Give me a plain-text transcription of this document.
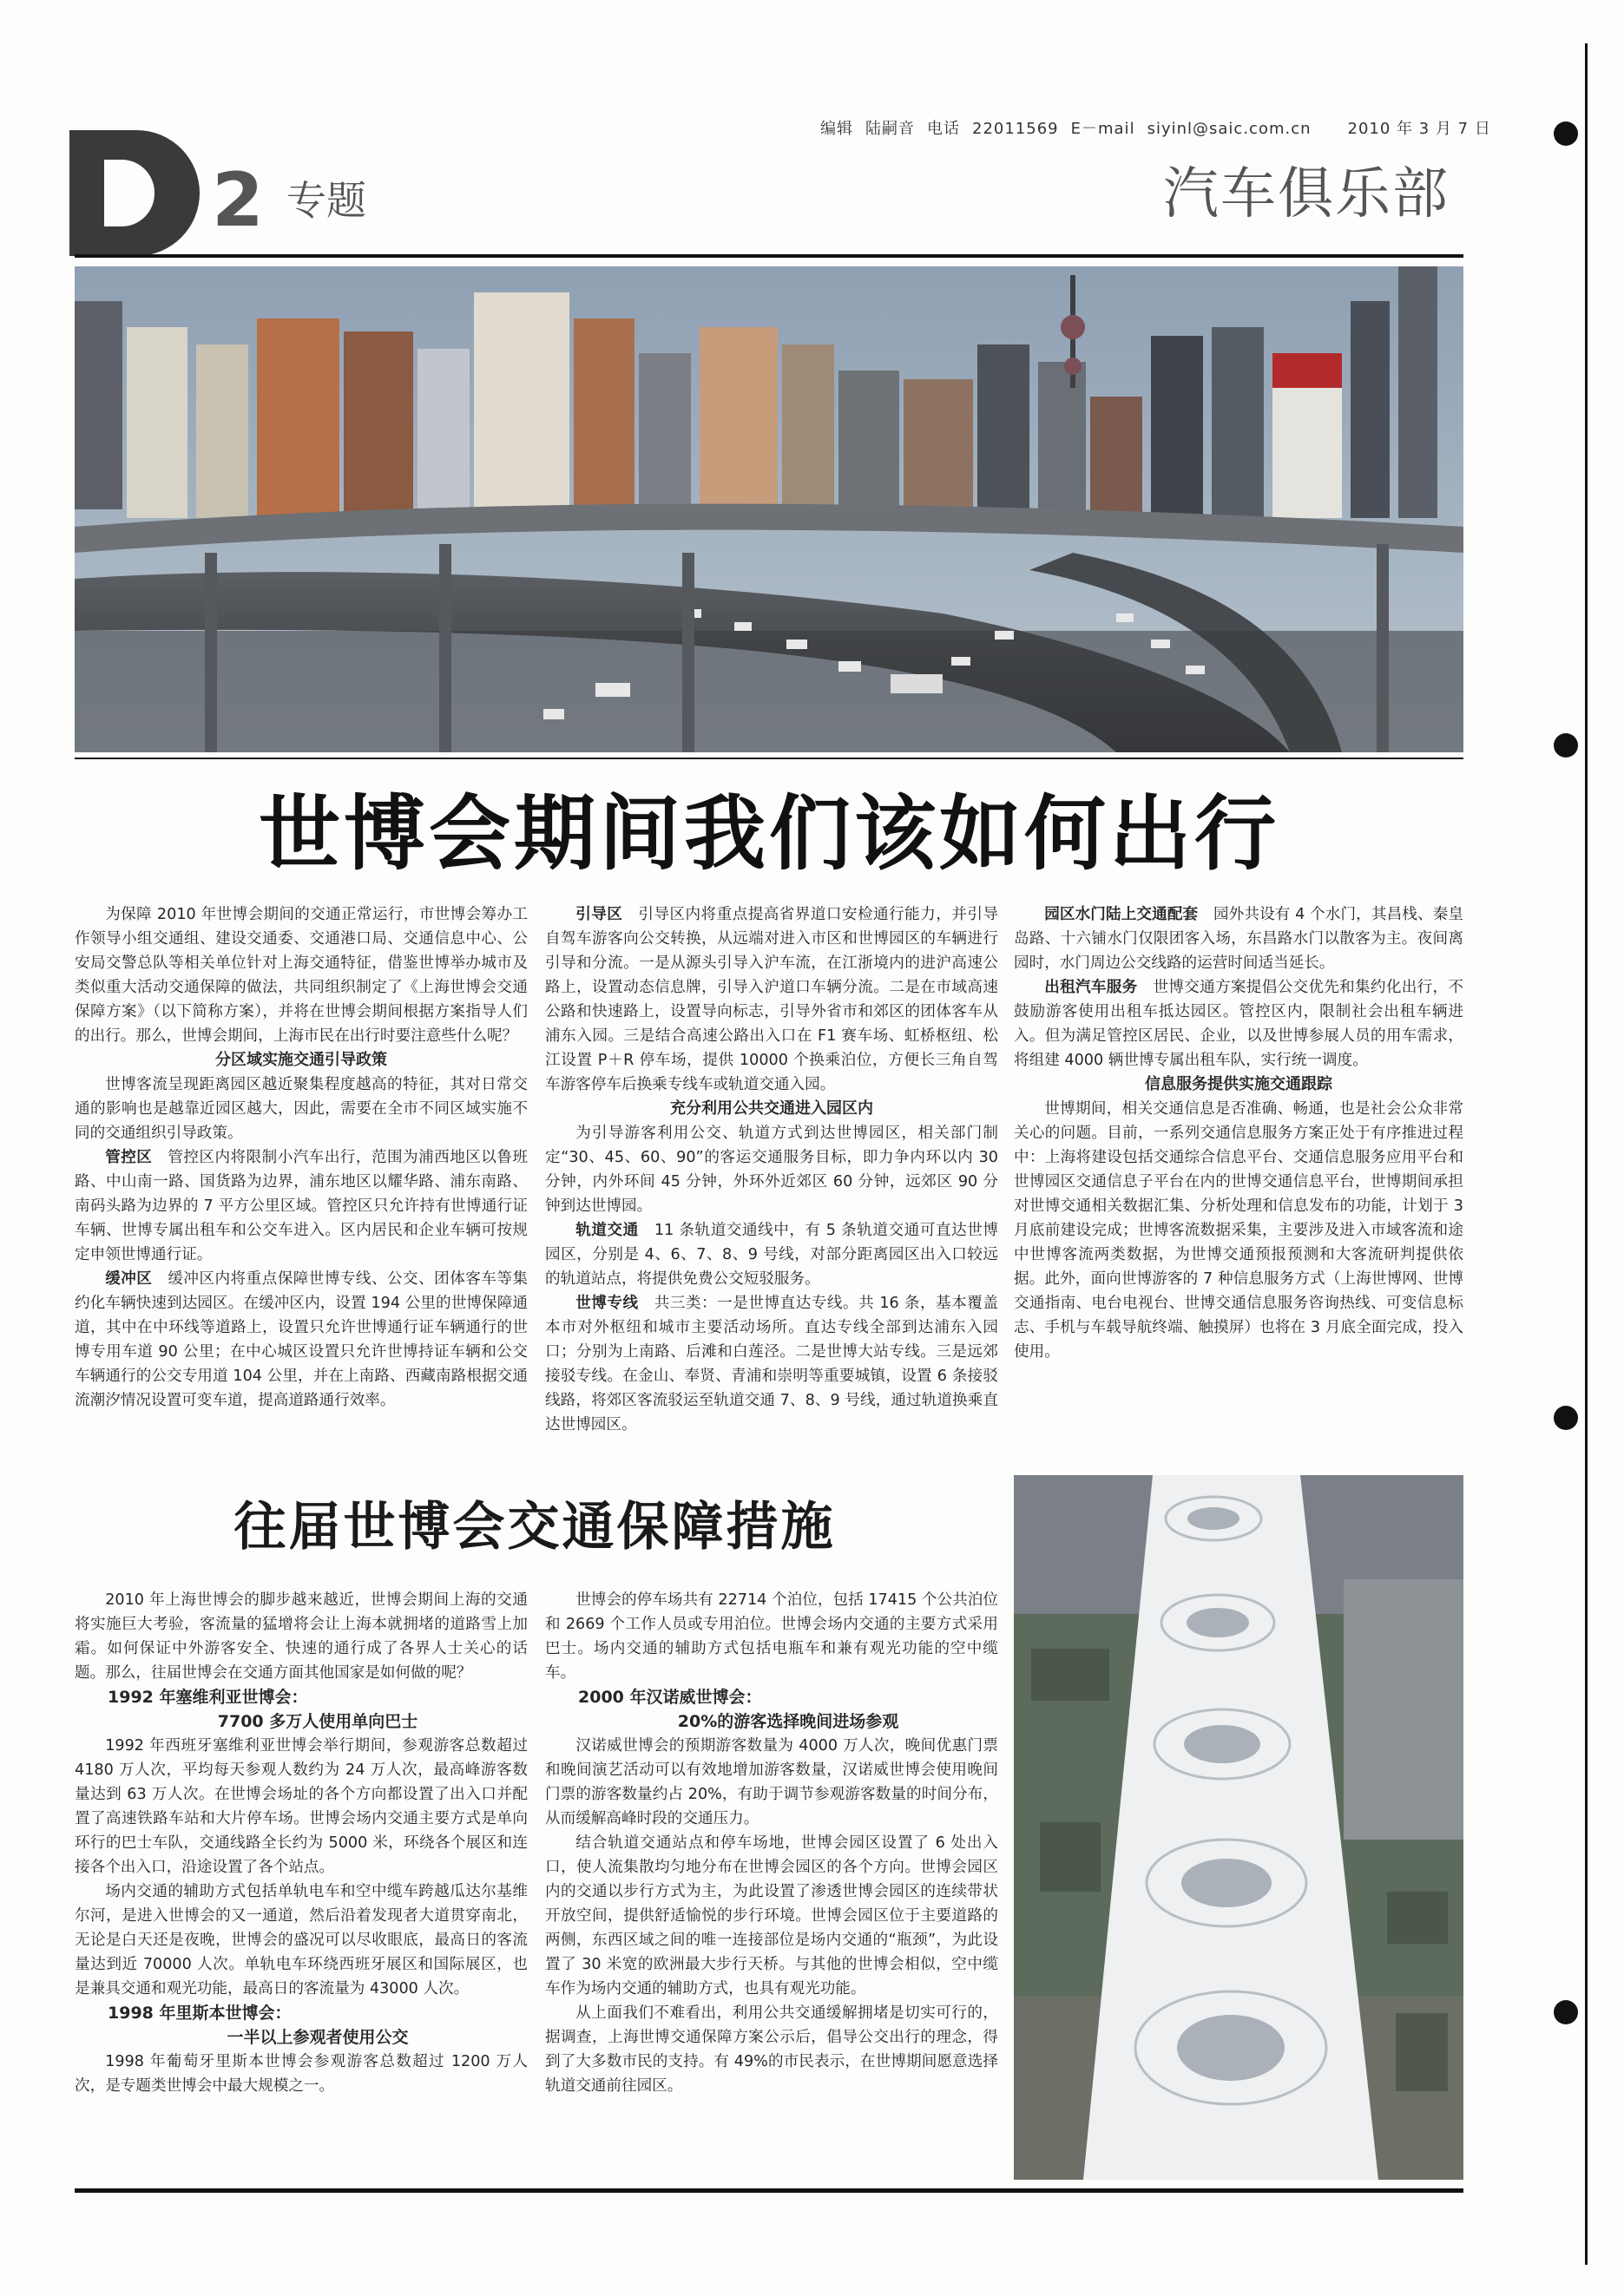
编辑 陆嗣音 电话 22011569 E－mail siyinl@saic.com.cn 2010 年 3 月 7 日
2 专题	汽车俱乐部
世博会期间我们该如何出行

为保障 2010 年世博会期间的交通正常运行，市世博会筹办工作领导小组交通组、建设交通委、交通港口局、交通信息中心、公安局交警总队等相关单位针对上海交通特征，借鉴世博举办城市及类似重大活动交通保障的做法，共同组织制定了《上海世博会交通保障方案》（以下简称方案），并将在世博会期间根据方案指导人们的出行。那么，世博会期间，上海市民在出行时要注意些什么呢？

分区域实施交通引导政策

世博客流呈现距离园区越近聚集程度越高的特征，其对日常交通的影响也是越靠近园区越大，因此，需要在全市不同区域实施不同的交通组织引导政策。

管控区　 管控区内将限制小汽车出行，范围为浦西地区以鲁班路、中山南一路、国货路为边界，浦东地区以耀华路、浦东南路、南码头路为边界的 7 平方公里区域。管控区只允许持有世博通行证车辆、世博专属出租车和公交车进入。区内居民和企业车辆可按规定申领世博通行证。

缓冲区　 缓冲区内将重点保障世博专线、公交、团体客车等集约化车辆快速到达园区。在缓冲区内，设置 194 公里的世博保障通道，其中在中环线等道路上，设置只允许世博通行证车辆通行的世博专用车道 90 公里；在中心城区设置只允许世博持证车辆和公交车辆通行的公交专用道 104 公里，并在上南路、西藏南路根据交通流潮汐情况设置可变车道，提高道路通行效率。

引导区　 引导区内将重点提高省界道口安检通行能力，并引导自驾车游客向公交转换，从远端对进入市区和世博园区的车辆进行引导和分流。一是从源头引导入沪车流，在江浙境内的进沪高速公路上，设置动态信息牌，引导入沪道口车辆分流。二是在市域高速公路和快速路上，设置导向标志，引导外省市和郊区的团体客车从浦东入园。三是结合高速公路出入口在 F1 赛车场、虹桥枢纽、松江设置 P＋R 停车场，提供 10000 个换乘泊位，方便长三角自驾车游客停车后换乘专线车或轨道交通入园。

充分利用公共交通进入园区内

为引导游客利用公交、轨道方式到达世博园区，相关部门制定“30、45、60、90”的客运交通服务目标，即力争内环以内 30 分钟，内外环间 45 分钟，外环外近郊区 60 分钟，远郊区 90 分钟到达世博园。

轨道交通　 11 条轨道交通线中，有 5 条轨道交通可直达世博园区，分别是 4、6、7、8、9 号线，对部分距离园区出入口较远的轨道站点，将提供免费公交短驳服务。

世博专线　 共三类：一是世博直达专线。共 16 条，基本覆盖本市对外枢纽和城市主要活动场所。直达专线全部到达浦东入园口；分别为上南路、后滩和白莲泾。二是世博大站专线。三是远郊接驳专线。在金山、奉贤、青浦和崇明等重要城镇，设置 6 条接驳线路，将郊区客流驳运至轨道交通 7、8、9 号线，通过轨道换乘直达世博园区。

园区水门陆上交通配套　 园外共设有 4 个水门，其昌栈、秦皇岛路、十六铺水门仅限团客入场，东昌路水门以散客为主。夜间离园时，水门周边公交线路的运营时间适当延长。

出租汽车服务　 世博交通方案提倡公交优先和集约化出行，不鼓励游客使用出租车抵达园区。管控区内，限制社会出租车辆进入。但为满足管控区居民、企业，以及世博参展人员的用车需求，将组建 4000 辆世博专属出租车队，实行统一调度。

信息服务提供实施交通跟踪

世博期间，相关交通信息是否准确、畅通，也是社会公众非常关心的问题。目前，一系列交通信息服务方案正处于有序推进过程中：上海将建设包括交通综合信息平台、交通信息服务应用平台和世博园区交通信息子平台在内的世博交通信息平台，世博期间承担对世博交通相关数据汇集、分析处理和信息发布的功能，计划于 3 月底前建设完成；世博客流数据采集，主要涉及进入市域客流和途中世博客流两类数据，为世博交通预报预测和大客流研判提供依据。此外，面向世博游客的 7 种信息服务方式（上海世博网、世博交通指南、电台电视台、世博交通信息服务咨询热线、可变信息标志、手机与车载导航终端、触摸屏）也将在 3 月底全面完成，投入使用。

往届世博会交通保障措施

2010 年上海世博会的脚步越来越近，世博会期间上海的交通将实施巨大考验，客流量的猛增将会让上海本就拥堵的道路雪上加霜。如何保证中外游客安全、快速的通行成了各界人士关心的话题。那么，往届世博会在交通方面其他国家是如何做的呢？

1992 年塞维利亚世博会：

7700 多万人使用单向巴士

1992 年西班牙塞维利亚世博会举行期间，参观游客总数超过 4180 万人次，平均每天参观人数约为 24 万人次，最高峰游客数量达到 63 万人次。在世博会场址的各个方向都设置了出入口并配置了高速铁路车站和大片停车场。世博会场内交通主要方式是单向环行的巴士车队，交通线路全长约为 5000 米，环绕各个展区和连接各个出入口，沿途设置了各个站点。

场内交通的辅助方式包括单轨电车和空中缆车跨越瓜达尔基维尔河，是进入世博会的又一通道，然后沿着发现者大道贯穿南北，无论是白天还是夜晚，世博会的盛况可以尽收眼底，最高日的客流量达到近 70000 人次。单轨电车环绕西班牙展区和国际展区，也是兼具交通和观光功能，最高日的客流量为 43000 人次。

1998 年里斯本世博会：

一半以上参观者使用公交

1998 年葡萄牙里斯本世博会参观游客总数超过 1200 万人次，是专题类世博会中最大规模之一。

世博会的停车场共有 22714 个泊位，包括 17415 个公共泊位和 2669 个工作人员或专用泊位。世博会场内交通的主要方式采用巴士。场内交通的辅助方式包括电瓶车和兼有观光功能的空中缆车。

2000 年汉诺威世博会：

20%的游客选择晚间进场参观

汉诺威世博会的预期游客数量为 4000 万人次，晚间优惠门票和晚间演艺活动可以有效地增加游客数量，汉诺威世博会使用晚间门票的游客数量约占 20%，有助于调节参观游客数量的时间分布，从而缓解高峰时段的交通压力。

结合轨道交通站点和停车场地，世博会园区设置了 6 处出入口，使人流集散均匀地分布在世博会园区的各个方向。世博会园区内的交通以步行方式为主，为此设置了渗透世博会园区的连续带状开放空间，提供舒适愉悦的步行环境。世博会园区位于主要道路的两侧，东西区域之间的唯一连接部位是场内交通的“瓶颈”，为此设置了 30 米宽的欧洲最大步行天桥。与其他的世博会相似，空中缆车作为场内交通的辅助方式，也具有观光功能。

从上面我们不难看出，利用公共交通缓解拥堵是切实可行的，据调查，上海世博交通保障方案公示后，倡导公交出行的理念，得到了大多数市民的支持。有 49%的市民表示，在世博期间愿意选择轨道交通前往园区。
